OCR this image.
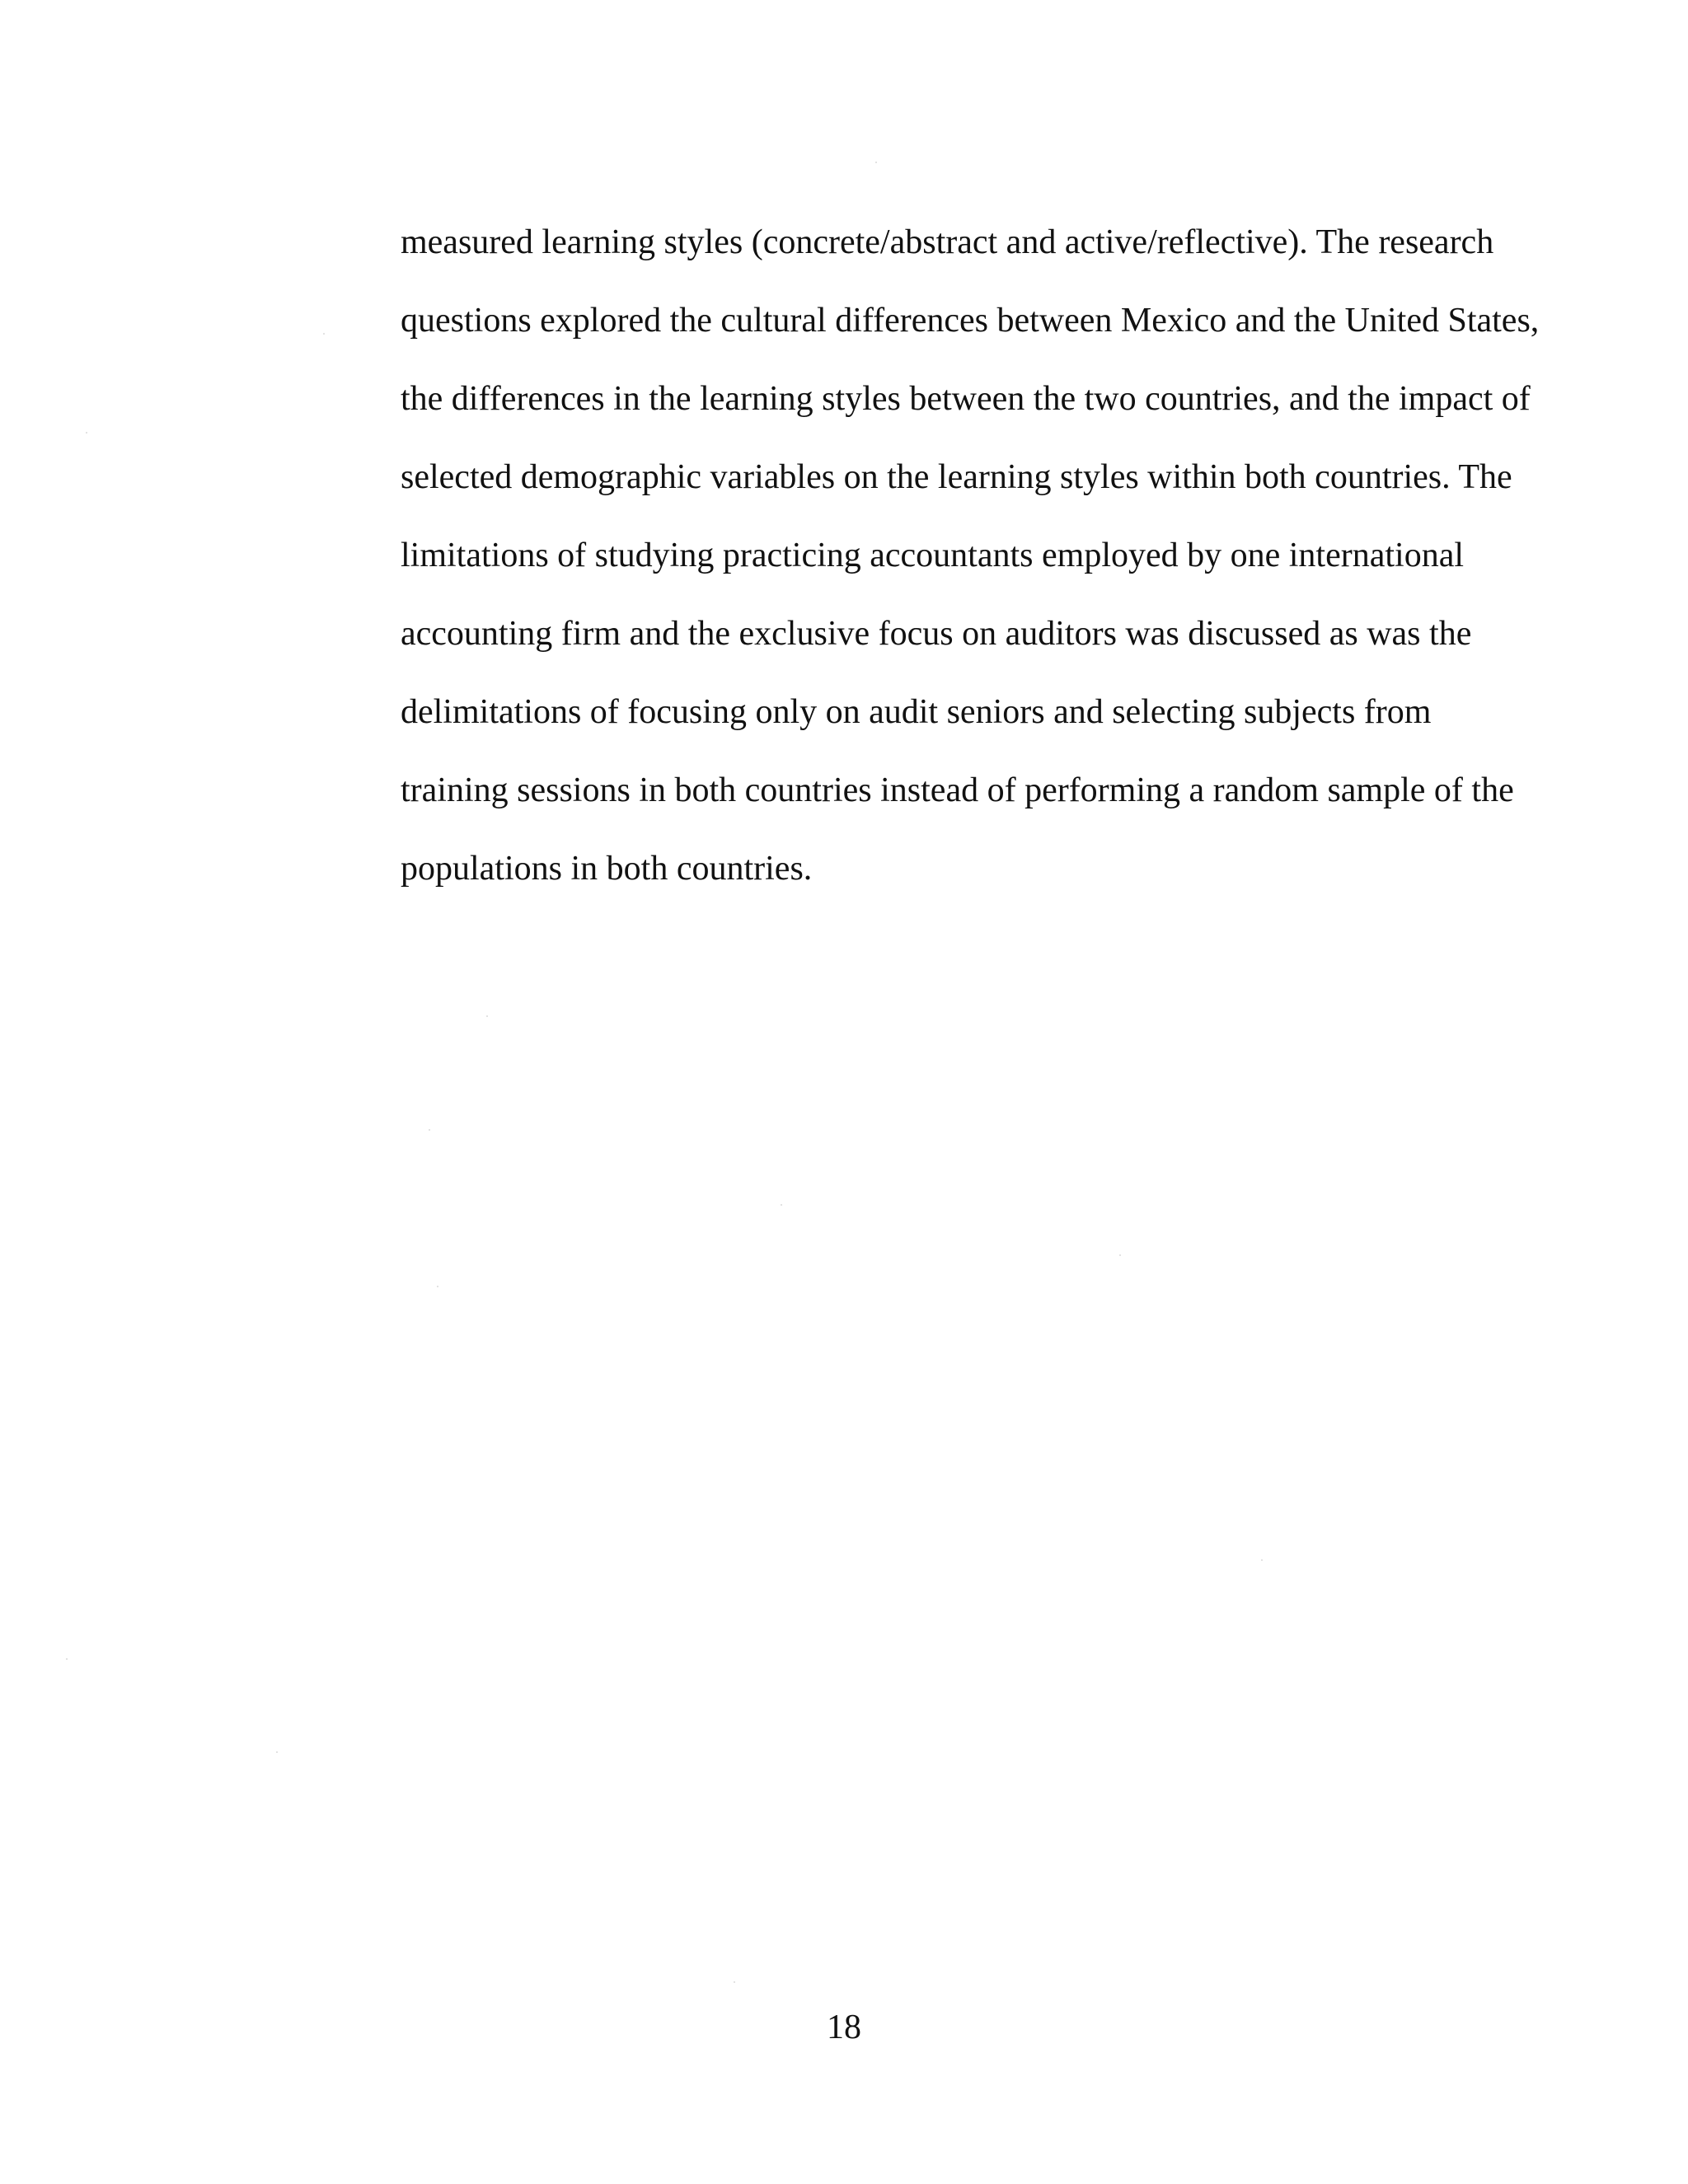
measured learning styles (concrete/abstract and active/reflective). The research
questions explored the cultural differences between Mexico and the United States,
the differences in the learning styles between the two countries, and the impact of
selected demographic variables on the learning styles within both countries. The
limitations of studying practicing accountants employed by one international
accounting firm and the exclusive focus on auditors was discussed as was the
delimitations of focusing only on audit seniors and selecting subjects from
training sessions in both countries instead of performing a random sample of the
populations in both countries.
18
